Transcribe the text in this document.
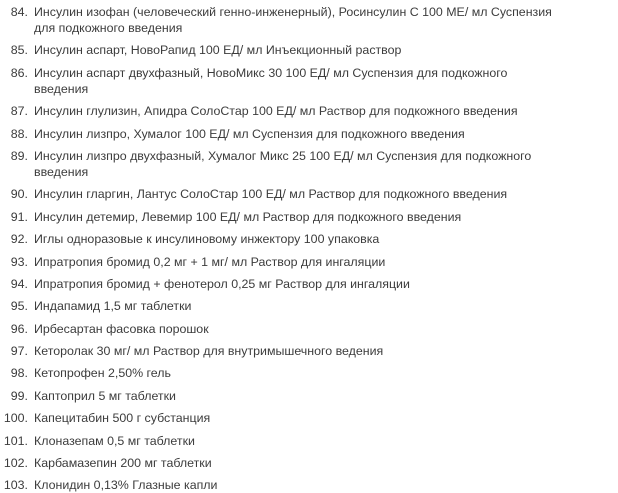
84. Инсулин изофан (человеческий генно-инженерный), Росинсулин С 100 МЕ/ мл Суспензия для подкожного введения
85. Инсулин аспарт, НовоРапид 100 ЕД/ мл Инъекционный раствор
86. Инсулин аспарт двухфазный, НовоМикс 30 100 ЕД/ мл Суспензия для подкожного введения
87. Инсулин глулизин, Апидра СолоСтар 100 ЕД/ мл Раствор для подкожного введения
88. Инсулин лизпро, Хумалог 100 ЕД/ мл Суспензия для подкожного введения
89. Инсулин лизпро двухфазный, Хумалог Микс 25 100 ЕД/ мл Суспензия для подкожного введения
90. Инсулин гларгин, Лантус СолоСтар 100 ЕД/ мл Раствор для подкожного введения
91. Инсулин детемир, Левемир 100 ЕД/ мл Раствор для подкожного введения
92. Иглы одноразовые к инсулиновому инжектору 100 упаковка
93. Ипратропия бромид 0,2 мг + 1 мг/ мл Раствор для ингаляции
94. Ипратропия бромид + фенотерол 0,25 мг Раствор для ингаляции
95. Индапамид 1,5 мг таблетки
96. Ирбесартан фасовка порошок
97. Кеторолак 30 мг/ мл Раствор для внутримышечного ведения
98. Кетопрофен 2,50% гель
99. Каптоприл 5 мг таблетки
100. Капецитабин 500 г субстанция
101. Клоназепам 0,5 мг таблетки
102. Карбамазепин 200 мг таблетки
103. Клонидин 0,13% Глазные капли
